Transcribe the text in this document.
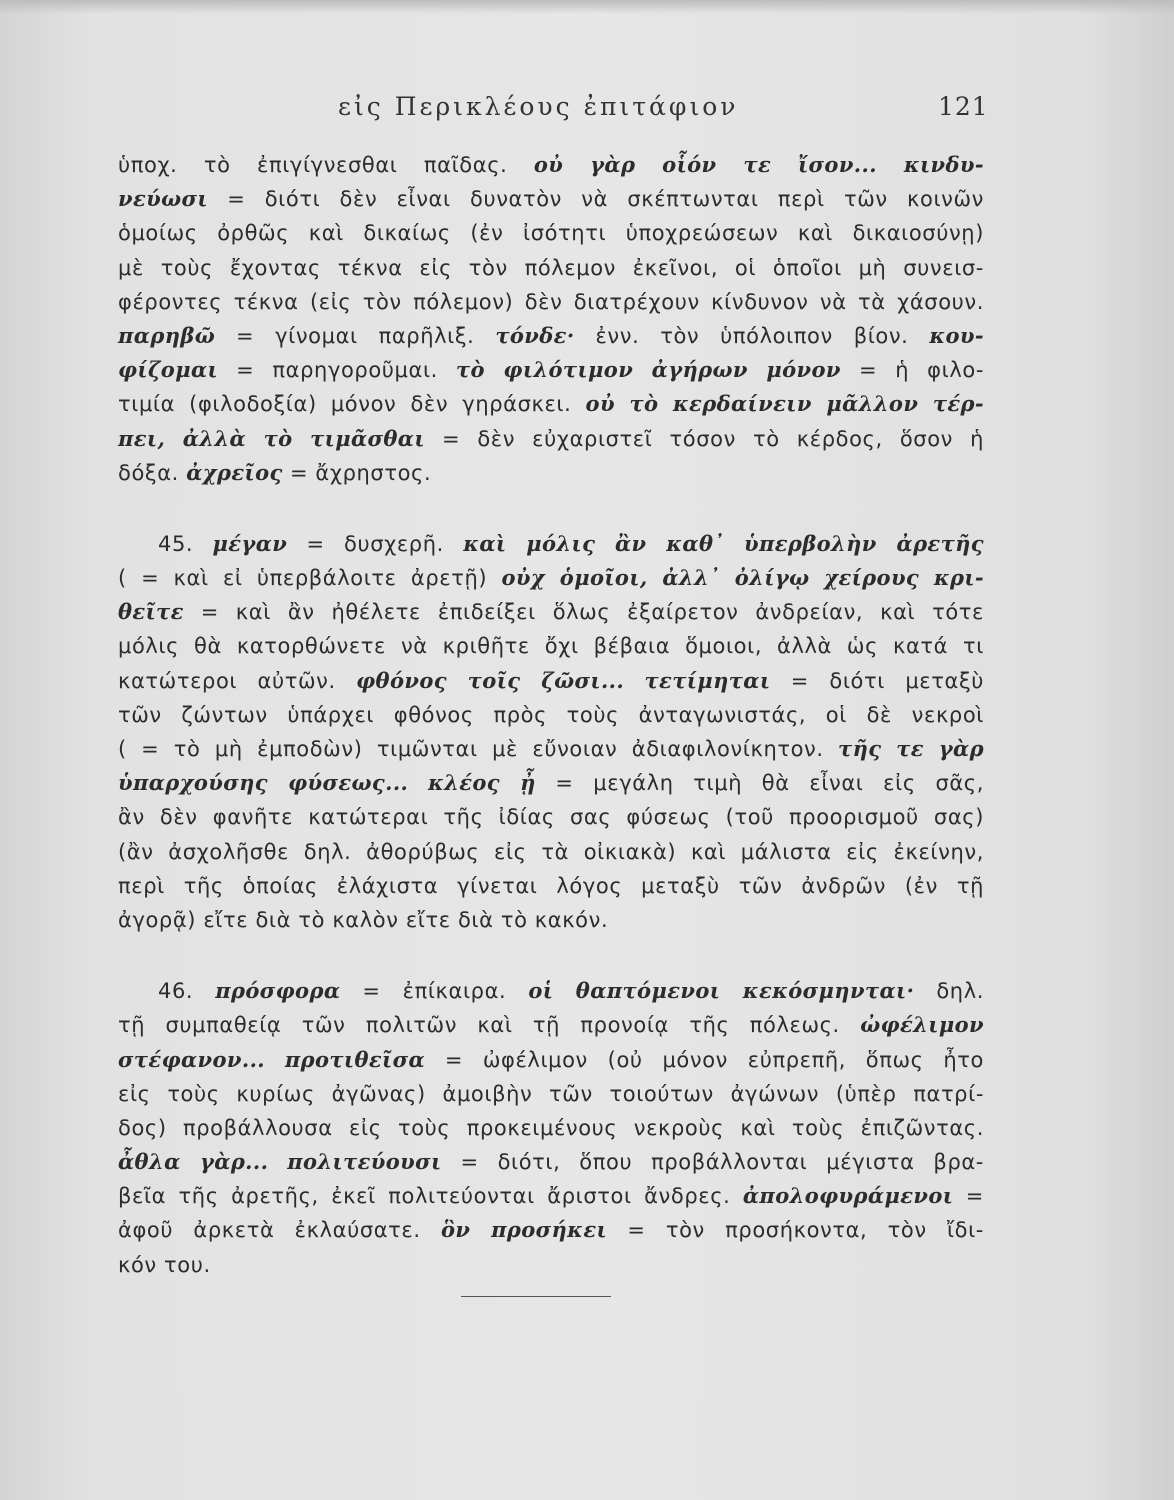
εἰς Περικλέους ἐπιτάφιον	121
ὑποχ. τὸ ἐπιγίγνεσθαι παῖδας. οὐ γὰρ οἷόν τε ἴσον... κινδυ-
νεύωσι = διότι δὲν εἶναι δυνατὸν νὰ σκέπτωνται περὶ τῶν κοινῶν
ὁμοίως ὀρθῶς καὶ δικαίως (ἐν ἰσότητι ὑποχρεώσεων καὶ δικαιοσύνῃ)
μὲ τοὺς ἔχοντας τέκνα εἰς τὸν πόλεμον ἐκεῖνοι, οἱ ὁποῖοι μὴ συνεισ-
φέροντες τέκνα (εἰς τὸν πόλεμον) δὲν διατρέχουν κίνδυνον νὰ τὰ χάσουν.
παρηβῶ = γίνομαι παρῆλιξ. τόνδε· ἐνν. τὸν ὑπόλοιπον βίον. κου-
φίζομαι = παρηγοροῦμαι. τὸ φιλότιμον ἀγήρων μόνον = ἡ φιλο-
τιμία (φιλοδοξία) μόνον δὲν γηράσκει. οὐ τὸ κερδαίνειν μᾶλλον τέρ-
πει, ἀλλὰ τὸ τιμᾶσθαι = δὲν εὐχαριστεῖ τόσον τὸ κέρδος, ὅσον ἡ
δόξα. ἀχρεῖος = ἄχρηστος.
45. μέγαν = δυσχερῆ. καὶ μόλις ἂν καθ᾽ ὑπερβολὴν ἀρετῆς
( = καὶ εἰ ὑπερβάλοιτε ἀρετῇ) οὐχ ὁμοῖοι, ἀλλ᾽ ὀλίγῳ χείρους κρι-
θεῖτε = καὶ ἂν ἠθέλετε ἐπιδείξει ὅλως ἐξαίρετον ἀνδρείαν, καὶ τότε
μόλις θὰ κατορθώνετε νὰ κριθῆτε ὄχι βέβαια ὅμοιοι, ἀλλὰ ὡς κατά τι
κατώτεροι αὐτῶν. φθόνος τοῖς ζῶσι... τετίμηται = διότι μεταξὺ
τῶν ζώντων ὑπάρχει φθόνος πρὸς τοὺς ἀνταγωνιστάς, οἱ δὲ νεκροὶ
( = τὸ μὴ ἐμποδὼν) τιμῶνται μὲ εὔνοιαν ἀδιαφιλονίκητον. τῆς τε γὰρ
ὑπαρχούσης φύσεως... κλέος ᾖ = μεγάλη τιμὴ θὰ εἶναι εἰς σᾶς,
ἂν δὲν φανῆτε κατώτεραι τῆς ἰδίας σας φύσεως (τοῦ προορισμοῦ σας)
(ἂν ἀσχολῆσθε δηλ. ἀθορύβως εἰς τὰ οἰκιακὰ) καὶ μάλιστα εἰς ἐκείνην,
περὶ τῆς ὁποίας ἐλάχιστα γίνεται λόγος μεταξὺ τῶν ἀνδρῶν (ἐν τῇ
ἀγορᾷ) εἴτε διὰ τὸ καλὸν εἴτε διὰ τὸ κακόν.
46. πρόσφορα = ἐπίκαιρα. οἱ θαπτόμενοι κεκόσμηνται· δηλ.
τῇ συμπαθείᾳ τῶν πολιτῶν καὶ τῇ προνοίᾳ τῆς πόλεως. ὠφέλιμον
στέφανον... προτιθεῖσα = ὠφέλιμον (οὐ μόνον εὐπρεπῆ, ὅπως ἦτο
εἰς τοὺς κυρίως ἀγῶνας) ἀμοιβὴν τῶν τοιούτων ἀγώνων (ὑπὲρ πατρί-
δος) προβάλλουσα εἰς τοὺς προκειμένους νεκροὺς καὶ τοὺς ἐπιζῶντας.
ἆθλα γὰρ... πολιτεύουσι = διότι, ὅπου προβάλλονται μέγιστα βρα-
βεῖα τῆς ἀρετῆς, ἐκεῖ πολιτεύονται ἄριστοι ἄνδρες. ἀπολοφυράμενοι =
ἀφοῦ ἀρκετὰ ἐκλαύσατε. ὃν προσήκει = τὸν προσήκοντα, τὸν ἴδι-
κόν του.
